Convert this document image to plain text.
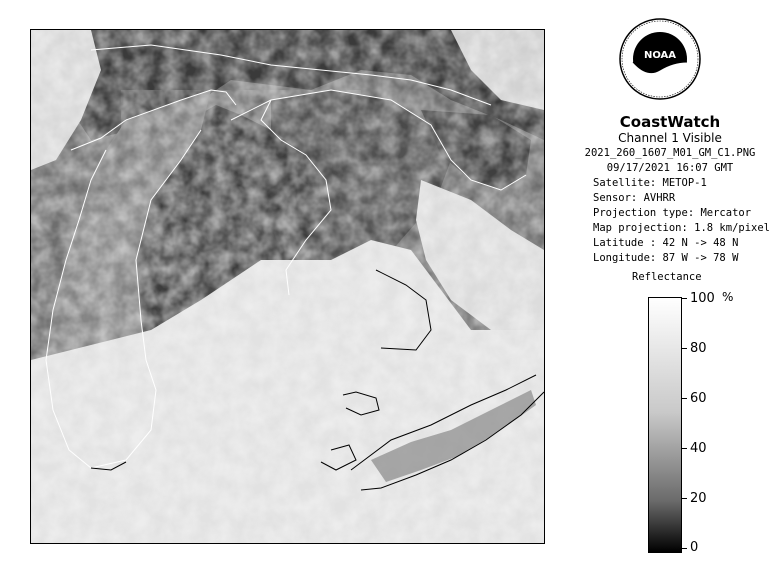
NOAA
CoastWatch
Channel 1 Visible
2021_260_1607_M01_GM_C1.PNG
09/17/2021 16:07 GMT
Satellite: METOP-1
Sensor: AVHRR
Projection type: Mercator
Map projection: 1.8 km/pixel
Latitude : 42 N -> 48 N
Longitude: 87 W -> 78 W
Reflectance
%
100
80
60
40
20
0
